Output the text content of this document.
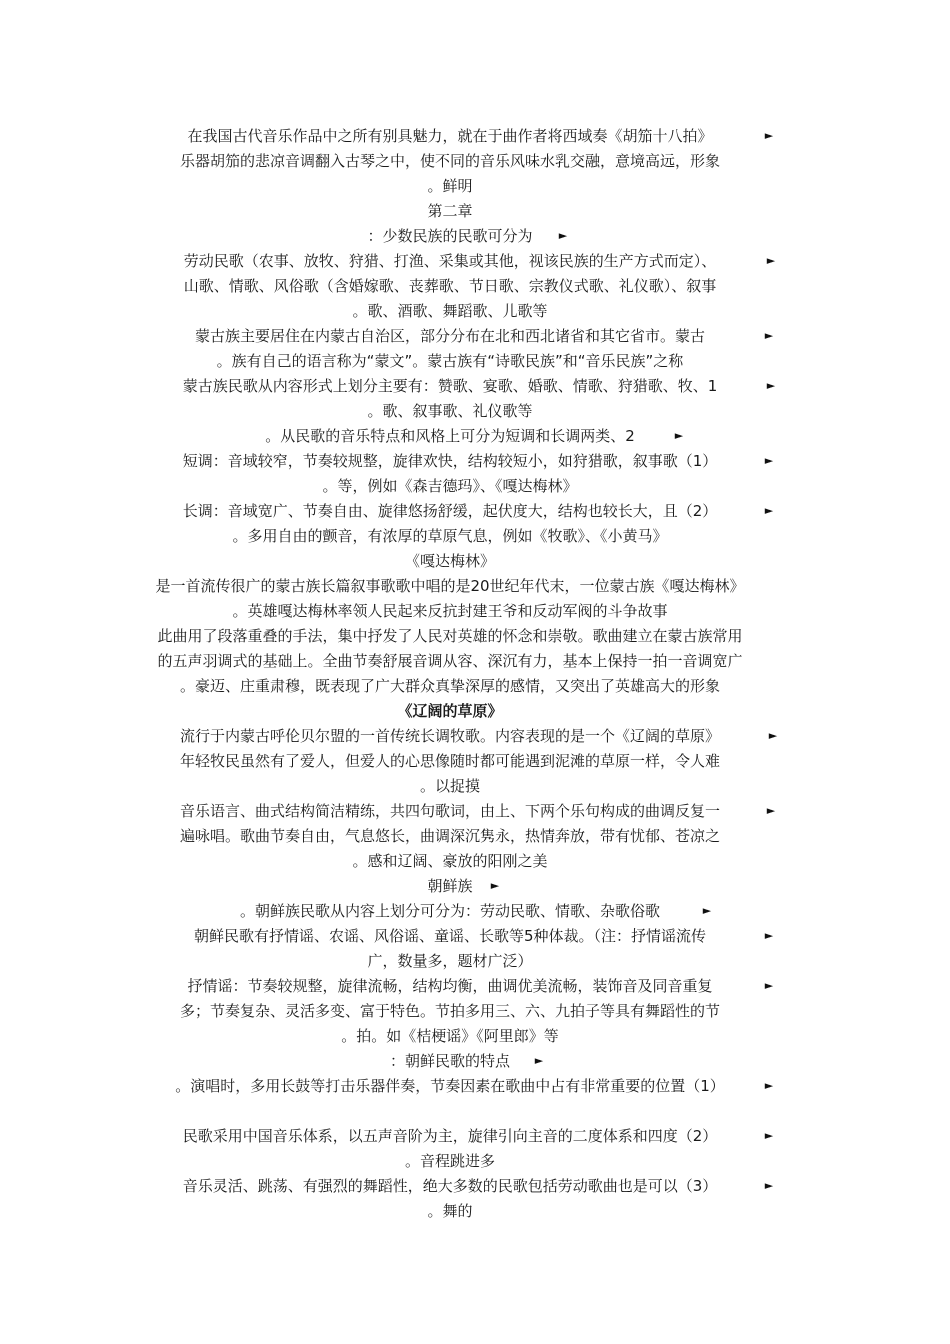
在我国古代音乐作品中之所有别具魅力，就在于曲作者将西域奏《胡笳十八拍》	►
乐器胡笳的悲凉音调翻入古琴之中，使不同的音乐风味水乳交融，意境高远，形象
。鲜明
第二章
：少数民族的民歌可分为	►
劳动民歌（农事、放牧、狩猎、打渔、采集或其他，视该民族的生产方式而定）、	►
山歌、情歌、风俗歌（含婚嫁歌、丧葬歌、节日歌、宗教仪式歌、礼仪歌）、叙事
。歌、酒歌、舞蹈歌、儿歌等
蒙古族主要居住在内蒙古自治区，部分分布在北和西北诸省和其它省市。蒙古	►
。族有自己的语言称为“蒙文”。蒙古族有“诗歌民族”和“音乐民族”之称
蒙古族民歌从内容形式上划分主要有：赞歌、宴歌、婚歌、情歌、狩猎歌、牧、1	►
。歌、叙事歌、礼仪歌等
。从民歌的音乐特点和风格上可分为短调和长调两类、2	►
短调：音域较窄，节奏较规整，旋律欢快，结构较短小，如狩猎歌，叙事歌（1）	►
。等，例如《森吉德玛》、《嘎达梅林》
长调：音域宽广、节奏自由、旋律悠扬舒缓，起伏度大，结构也较长大，且（2）	►
。多用自由的颤音，有浓厚的草原气息，例如《牧歌》、《小黄马》
《嘎达梅林》
是一首流传很广的蒙古族长篇叙事歌歌中唱的是20世纪年代末，一位蒙古族《嘎达梅林》
。英雄嘎达梅林率领人民起来反抗封建王爷和反动军阀的斗争故事
此曲用了段落重叠的手法，集中抒发了人民对英雄的怀念和崇敬。歌曲建立在蒙古族常用
的五声羽调式的基础上。全曲节奏舒展音调从容、深沉有力，基本上保持一拍一音调宽广
。豪迈、庄重肃穆，既表现了广大群众真挚深厚的感情，又突出了英雄高大的形象
《辽阔的草原》
流行于内蒙古呼伦贝尔盟的一首传统长调牧歌。内容表现的是一个《辽阔的草原》	►
年轻牧民虽然有了爱人，但爱人的心思像随时都可能遇到泥滩的草原一样，令人难
。以捉摸
音乐语言、曲式结构简洁精练，共四句歌词，由上、下两个乐句构成的曲调反复一	►
遍咏唱。歌曲节奏自由，气息悠长，曲调深沉隽永，热情奔放，带有忧郁、苍凉之
。感和辽阔、豪放的阳刚之美
朝鲜族	►
。朝鲜族民歌从内容上划分可分为：劳动民歌、情歌、杂歌俗歌	►
朝鲜民歌有抒情谣、农谣、风俗谣、童谣、长歌等5种体裁。（注：抒情谣流传	►
广，数量多，题材广泛）
抒情谣：节奏较规整，旋律流畅，结构均衡，曲调优美流畅，装饰音及同音重复	►
多；节奏复杂、灵活多变、富于特色。节拍多用三、六、九拍子等具有舞蹈性的节
。拍。如《桔梗谣》《阿里郎》等
：朝鲜民歌的特点	►
。演唱时，多用长鼓等打击乐器伴奏，节奏因素在歌曲中占有非常重要的位置（1）	►
民歌采用中国音乐体系，以五声音阶为主，旋律引向主音的二度体系和四度（2）	►
。音程跳进多
音乐灵活、跳荡、有强烈的舞蹈性，绝大多数的民歌包括劳动歌曲也是可以（3）	►
。舞的
